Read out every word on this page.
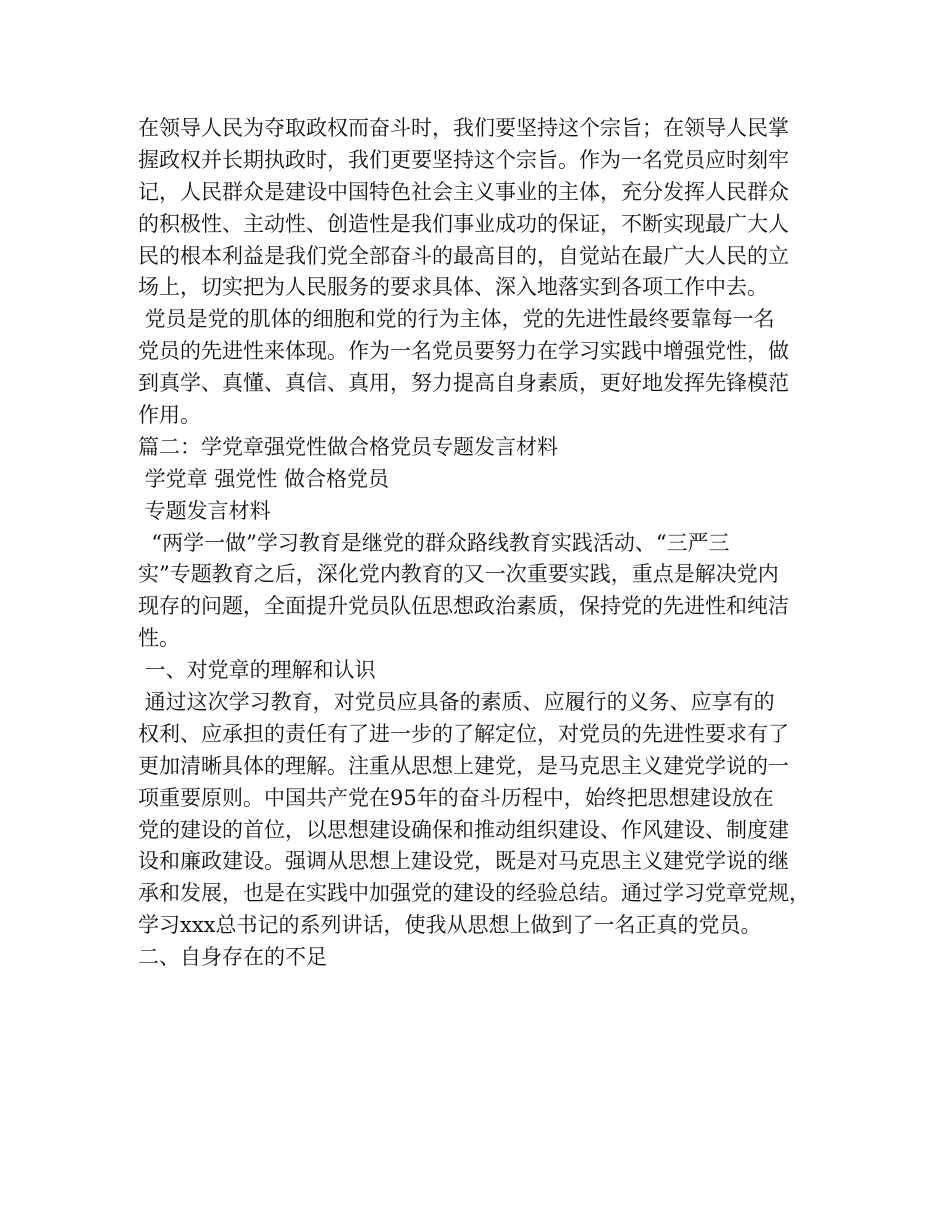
在领导人民为夺取政权而奋斗时，我们要坚持这个宗旨；在领导人民掌
握政权并长期执政时，我们更要坚持这个宗旨。作为一名党员应时刻牢
记，人民群众是建设中国特色社会主义事业的主体，充分发挥人民群众
的积极性、主动性、创造性是我们事业成功的保证，不断实现最广大人
民的根本利益是我们党全部奋斗的最高目的，自觉站在最广大人民的立
场上，切实把为人民服务的要求具体、深入地落实到各项工作中去。
党员是党的肌体的细胞和党的行为主体，党的先进性最终要靠每一名
党员的先进性来体现。作为一名党员要努力在学习实践中增强党性，做
到真学、真懂、真信、真用，努力提高自身素质，更好地发挥先锋模范
作用。
篇二：学党章强党性做合格党员专题发言材料
学党章 强党性 做合格党员
专题发言材料
“两学一做”学习教育是继党的群众路线教育实践活动、“三严三
实”专题教育之后，深化党内教育的又一次重要实践，重点是解决党内
现存的问题，全面提升党员队伍思想政治素质，保持党的先进性和纯洁
性。
一、对党章的理解和认识
通过这次学习教育，对党员应具备的素质、应履行的义务、应享有的
权利、应承担的责任有了进一步的了解定位，对党员的先进性要求有了
更加清晰具体的理解。注重从思想上建党，是马克思主义建党学说的一
项重要原则。中国共产党在95年的奋斗历程中，始终把思想建设放在
党的建设的首位，以思想建设确保和推动组织建设、作风建设、制度建
设和廉政建设。强调从思想上建设党，既是对马克思主义建党学说的继
承和发展，也是在实践中加强党的建设的经验总结。通过学习党章党规，
学习xxx总书记的系列讲话，使我从思想上做到了一名正真的党员。
二、自身存在的不足
